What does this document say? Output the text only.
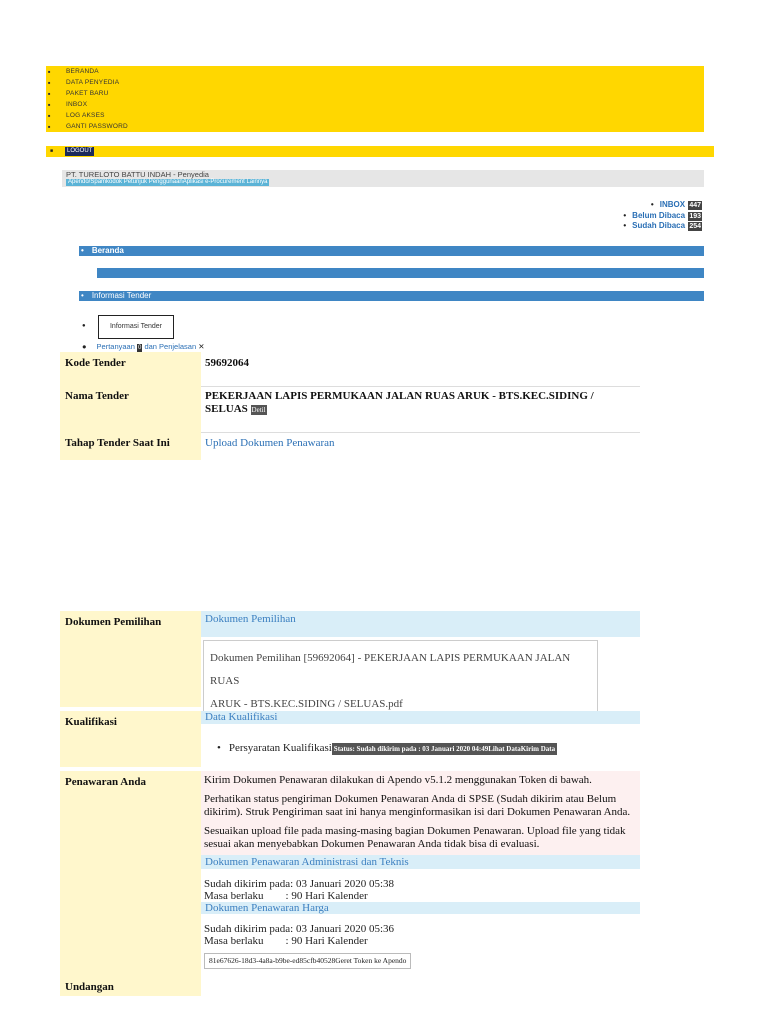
■ BERANDA
■ DATA PENYEDIA
■ PAKET BARU
■ INBOX
■ LOG AKSES
■ GANTI PASSWORD
■	LOGOUT
PT. TURELOTO BATTU INDAH - Penyedia
Apendo/Spamkodok Petunjuk PenggunaanAplikasi e-Procurement Lainnya
• INBOX 447
• Belum Dibaca 193
• Sudah Dibaca 254
• Beranda
• Informasi Tender
●	Informasi Tender
● Pertanyaan 0 dan Penjelasan ✕
Kode Tender	59692064
Nama Tender	PEKERJAAN LAPIS PERMUKAAN JALAN RUAS ARUK - BTS.KEC.SIDING /
SELUAS Detil
Tahap Tender Saat Ini	Upload Dokumen Penawaran
Dokumen Pemilihan	Dokumen Pemilihan
Dokumen Pemilihan [59692064] - PEKERJAAN LAPIS PERMUKAAN JALAN RUAS
ARUK - BTS.KEC.SIDING / SELUAS.pdf
Kualifikasi	Data Kualifikasi
• Persyaratan Kualifikasi Status: Sudah dikirim pada : 03 Januari 2020 04:49Lihat DataKirim Data
Penawaran Anda	Kirim Dokumen Penawaran dilakukan di Apendo v5.1.2 menggunakan Token di bawah.
Perhatikan status pengiriman Dokumen Penawaran Anda di SPSE (Sudah dikirim atau Belum dikirim). Struk Pengiriman saat ini hanya menginformasikan isi dari Dokumen Penawaran Anda.
Sesuaikan upload file pada masing-masing bagian Dokumen Penawaran. Upload file yang tidak sesuai akan menyebabkan Dokumen Penawaran Anda tidak bisa di evaluasi.
Dokumen Penawaran Administrasi dan Teknis
Sudah dikirim pada: 03 Januari 2020 05:38
Masa berlaku        : 90 Hari Kalender
Dokumen Penawaran Harga
Sudah dikirim pada: 03 Januari 2020 05:36
Masa berlaku        : 90 Hari Kalender
81e67626-18d3-4a8a-b9be-ed85cfb40528Geret Token ke Apendo
Undangan
